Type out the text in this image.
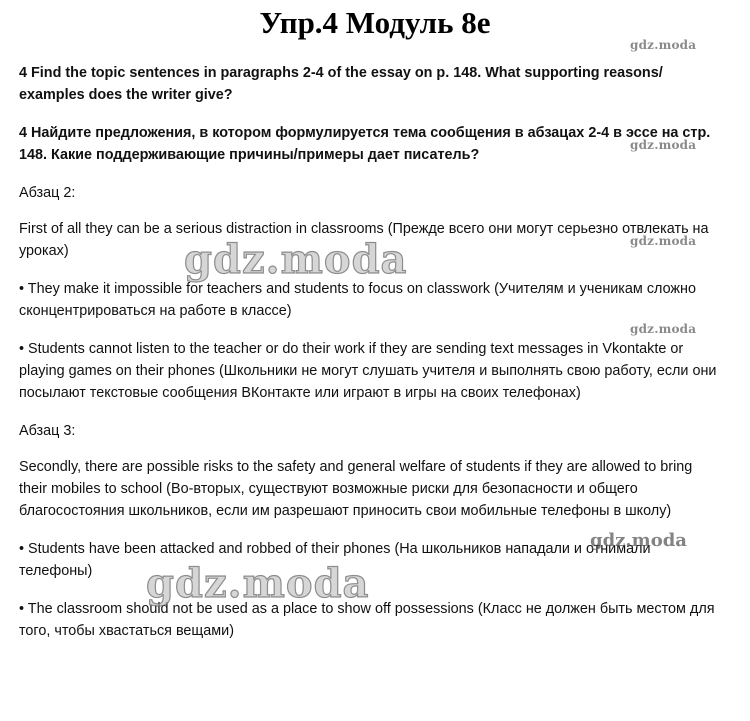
Упр.4 Модуль 8е

4 Find the topic sentences in paragraphs 2-4 of the essay on p. 148. What supporting reasons/ examples does the writer give?

4 Найдите предложения, в котором формулируется тема сообщения в абзацах 2-4 в эссе на стр. 148. Какие поддерживающие причины/примеры дает писатель?

Абзац 2:

First of all they can be a serious distraction in classrooms (Прежде всего они могут серьезно отвлекать на уроках)

• They make it impossible for teachers and students to focus on classwork (Учителям и ученикам сложно сконцентрироваться на работе в классе)

• Students cannot listen to the teacher or do their work if they are sending text messages in Vkontakte or playing games on their phones (Школьники не могут слушать учителя и выполнять свою работу, если они посылают текстовые сообщения ВКонтакте или играют в игры на своих телефонах)

Абзац 3:

Secondly, there are possible risks to the safety and general welfare of students if they are allowed to bring their mobiles to school (Во-вторых, существуют возможные риски для безопасности и общего благосостояния школьников, если им разрешают приносить свои мобильные телефоны в школу)

• Students have been attacked and robbed of their phones (На школьников нападали и отнимали телефоны)

• The classroom should not be used as a place to show off possessions (Класс не должен быть местом для того, чтобы хвастаться вещами)

gdz.moda
gdz.moda
gdz.moda
gdz.moda
gdz.moda
gdz.moda
gdz.moda
